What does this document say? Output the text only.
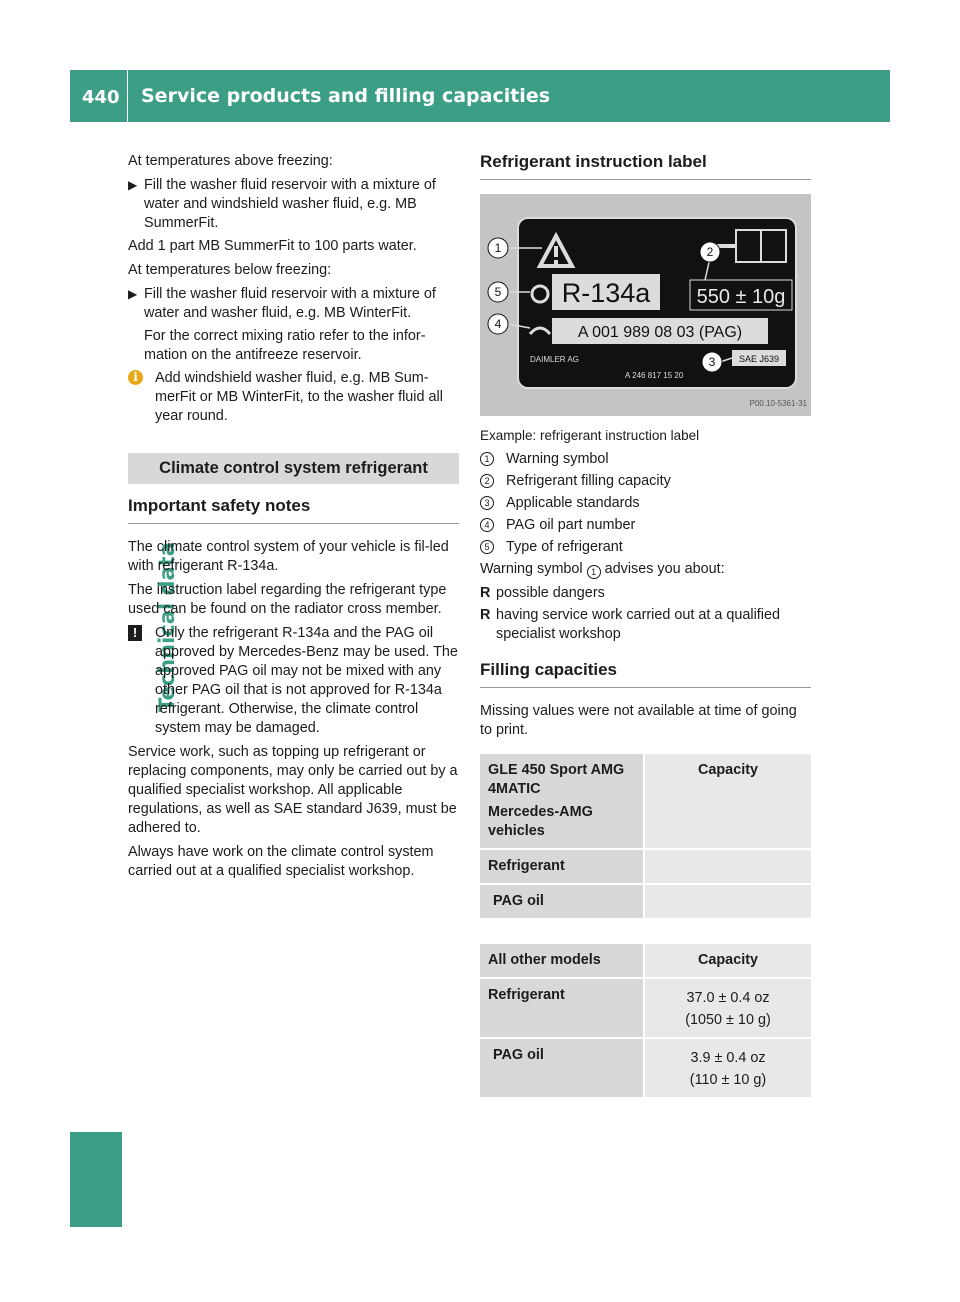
440 Service products and filling capacities
Technical data

At temperatures above freezing:

▶ Fill the washer fluid reservoir with a mixture of water and windshield washer fluid, e.g. MB SummerFit.

Add 1 part MB SummerFit to 100 parts water.

At temperatures below freezing:

▶ Fill the washer fluid reservoir with a mixture of water and washer fluid, e.g. MB WinterFit.
For the correct mixing ratio refer to the infor-mation on the antifreeze reservoir.
i	Add windshield washer fluid, e.g. MB Sum-merFit or MB WinterFit, to the washer fluid all year round.
Climate control system refrigerant
Important safety notes

The climate control system of your vehicle is fil-led with refrigerant R-134a.

The instruction label regarding the refrigerant type used can be found on the radiator cross member.

!	Only the refrigerant R-134a and the PAG oil approved by Mercedes-Benz may be used. The approved PAG oil may not be mixed with any other PAG oil that is not approved for R-134a refrigerant. Otherwise, the climate control system may be damaged.

Service work, such as topping up refrigerant or replacing components, may only be carried out by a qualified specialist workshop. All applicable regulations, as well as SAE standard J639, must be adhered to.

Always have work on the climate control system carried out at a qualified specialist workshop.

Refrigerant instruction label
R-134a 550 ± 10g
A 001 989 08 03 (PAG)
DAIMLER AG	SAE J639
A 246 817 15 20
1
5
4
2
3
P00.10-5361-31

Example: refrigerant instruction label

1	Warning symbol
2	Refrigerant filling capacity
3	Applicable standards
4	PAG oil part number
5	Type of refrigerant

Warning symbol 1 advises you about:

R possible dangers
R having service work carried out at a qualified specialist workshop
Filling capacities

Missing values were not available at time of going to print.

GLE 450 Sport AMG 4MATIC
Mercedes-AMG vehicles	Capacity
Refrigerant	
PAG oil	
All other models	Capacity
Refrigerant	37.0 ± 0.4 oz
(1050 ± 10 g)

PAG oil	3.9 ± 0.4 oz
(110 ± 10 g)
